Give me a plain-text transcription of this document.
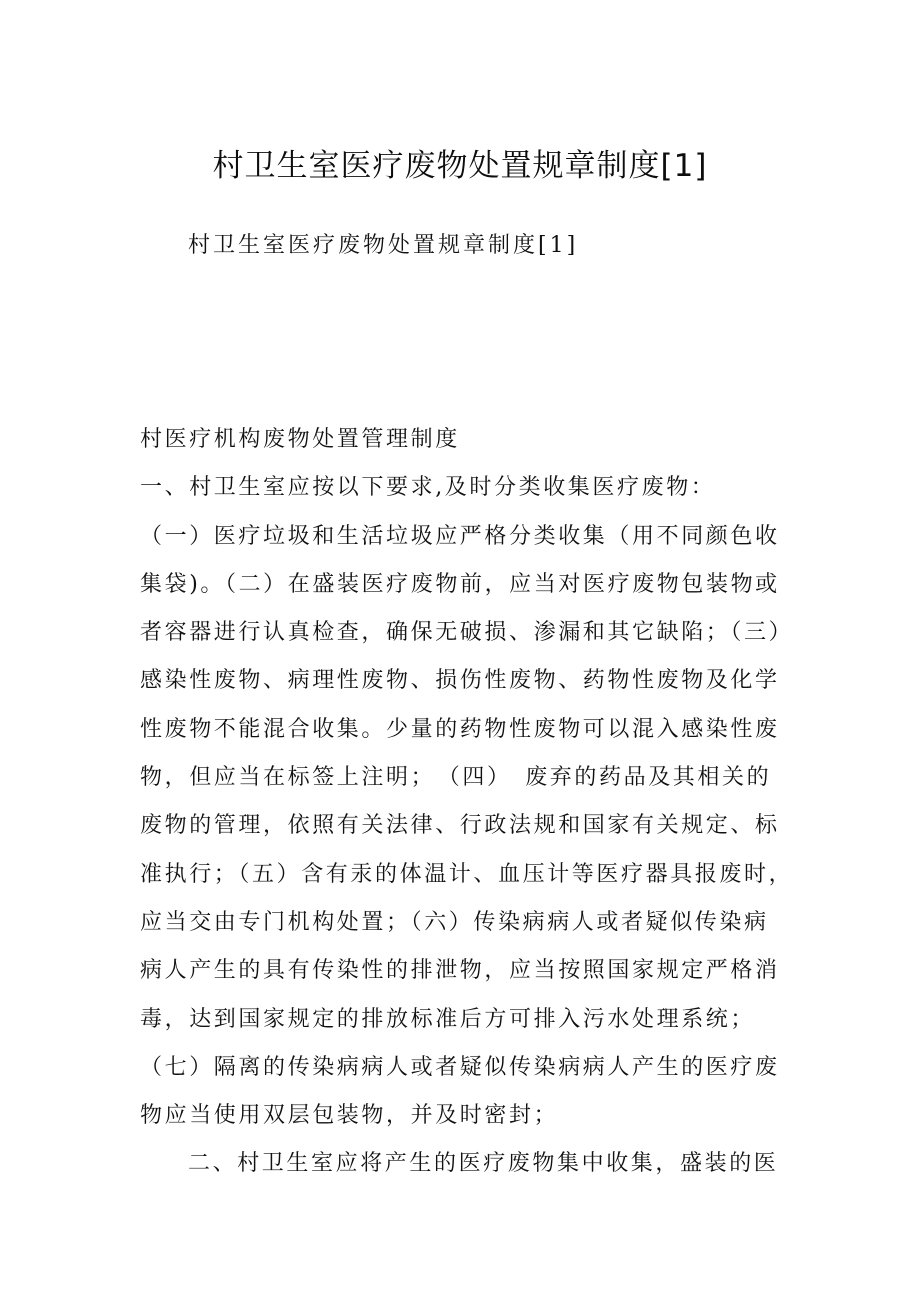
村卫生室医疗废物处置规章制度[1]

村卫生室医疗废物处置规章制度[1]

村医疗机构废物处置管理制度

一、村卫生室应按以下要求,及时分类收集医疗废物：

（一）医疗垃圾和生活垃圾应严格分类收集（用不同颜色收

集袋)。（二）在盛装医疗废物前，应当对医疗废物包装物或

者容器进行认真检查，确保无破损、渗漏和其它缺陷；（三）

感染性废物、病理性废物、损伤性废物、药物性废物及化学

性废物不能混合收集。少量的药物性废物可以混入感染性废

物，但应当在标签上注明；　（四）　废弃的药品及其相关的

废物的管理，依照有关法律、行政法规和国家有关规定、标

准执行；（五）含有汞的体温计、血压计等医疗器具报废时，

应当交由专门机构处置；（六）传染病病人或者疑似传染病

病人产生的具有传染性的排泄物，应当按照国家规定严格消

毒，达到国家规定的排放标准后方可排入污水处理系统；

（七）隔离的传染病病人或者疑似传染病病人产生的医疗废

物应当使用双层包装物，并及时密封；

二、村卫生室应将产生的医疗废物集中收集，盛装的医
